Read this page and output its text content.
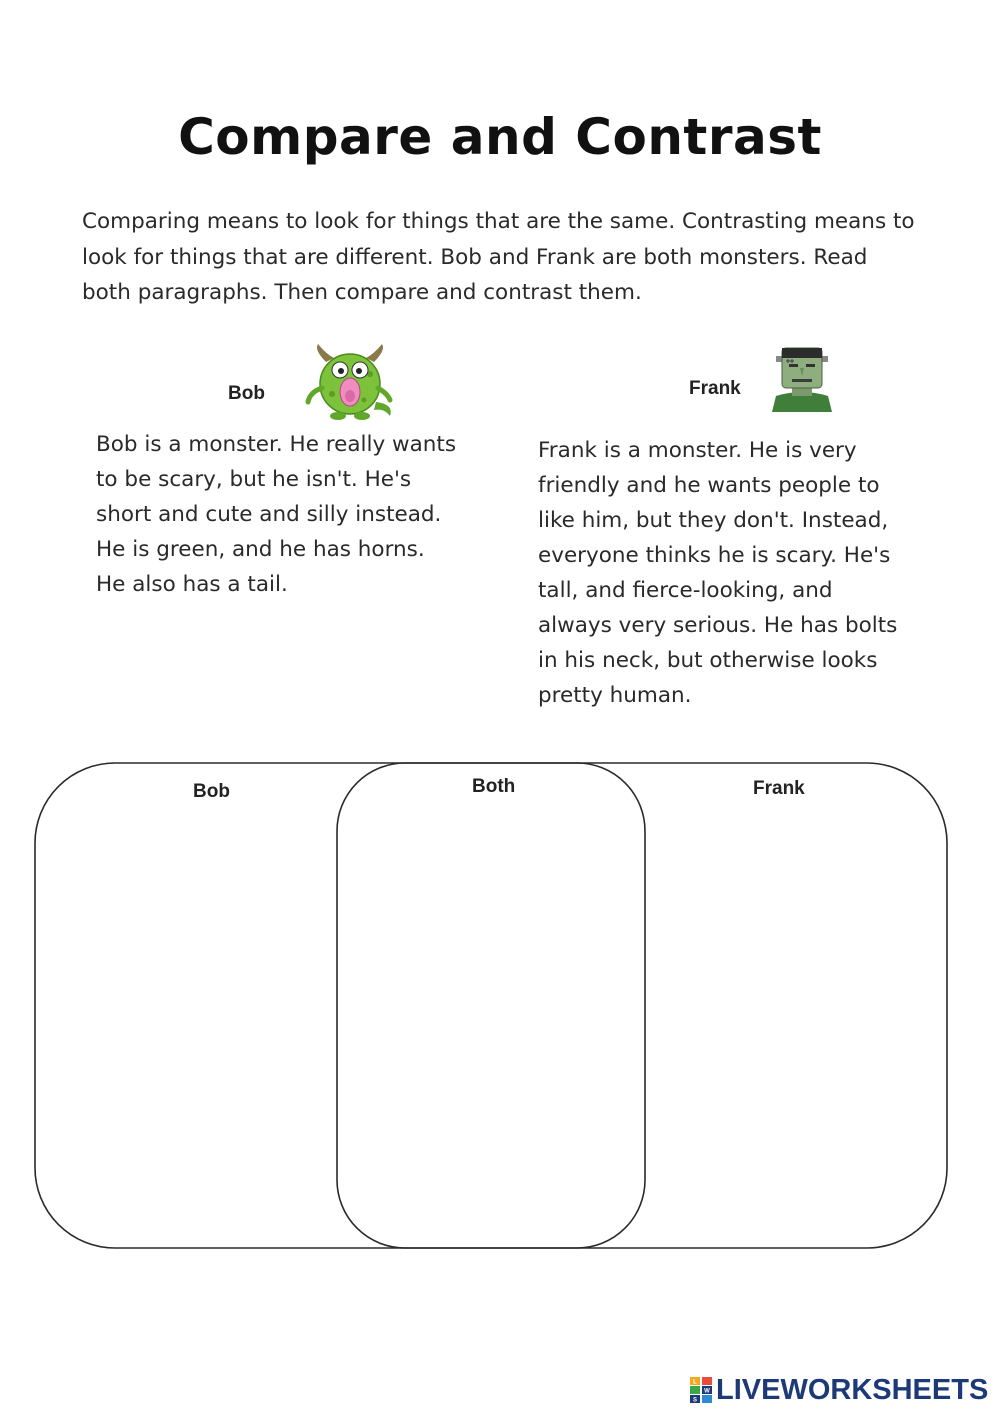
Compare and Contrast

Comparing means to look for things that are the same. Contrasting means to look for things that are different. Bob and Frank are both monsters. Read both paragraphs. Then compare and contrast them.

Bob

Bob is a monster. He really wants
to be scary, but he isn't. He's
short and cute and silly instead.
He is green, and he has horns.
He also has a tail.

Frank

Frank is a monster. He is very
friendly and he wants people to
like him, but they don't. Instead,
everyone thinks he is scary. He's
tall, and fierce-looking, and
always very serious. He has bolts
in his neck, but otherwise looks
pretty human.

Bob	Both	Frank
L
W
S LIVEWORKSHEETS
